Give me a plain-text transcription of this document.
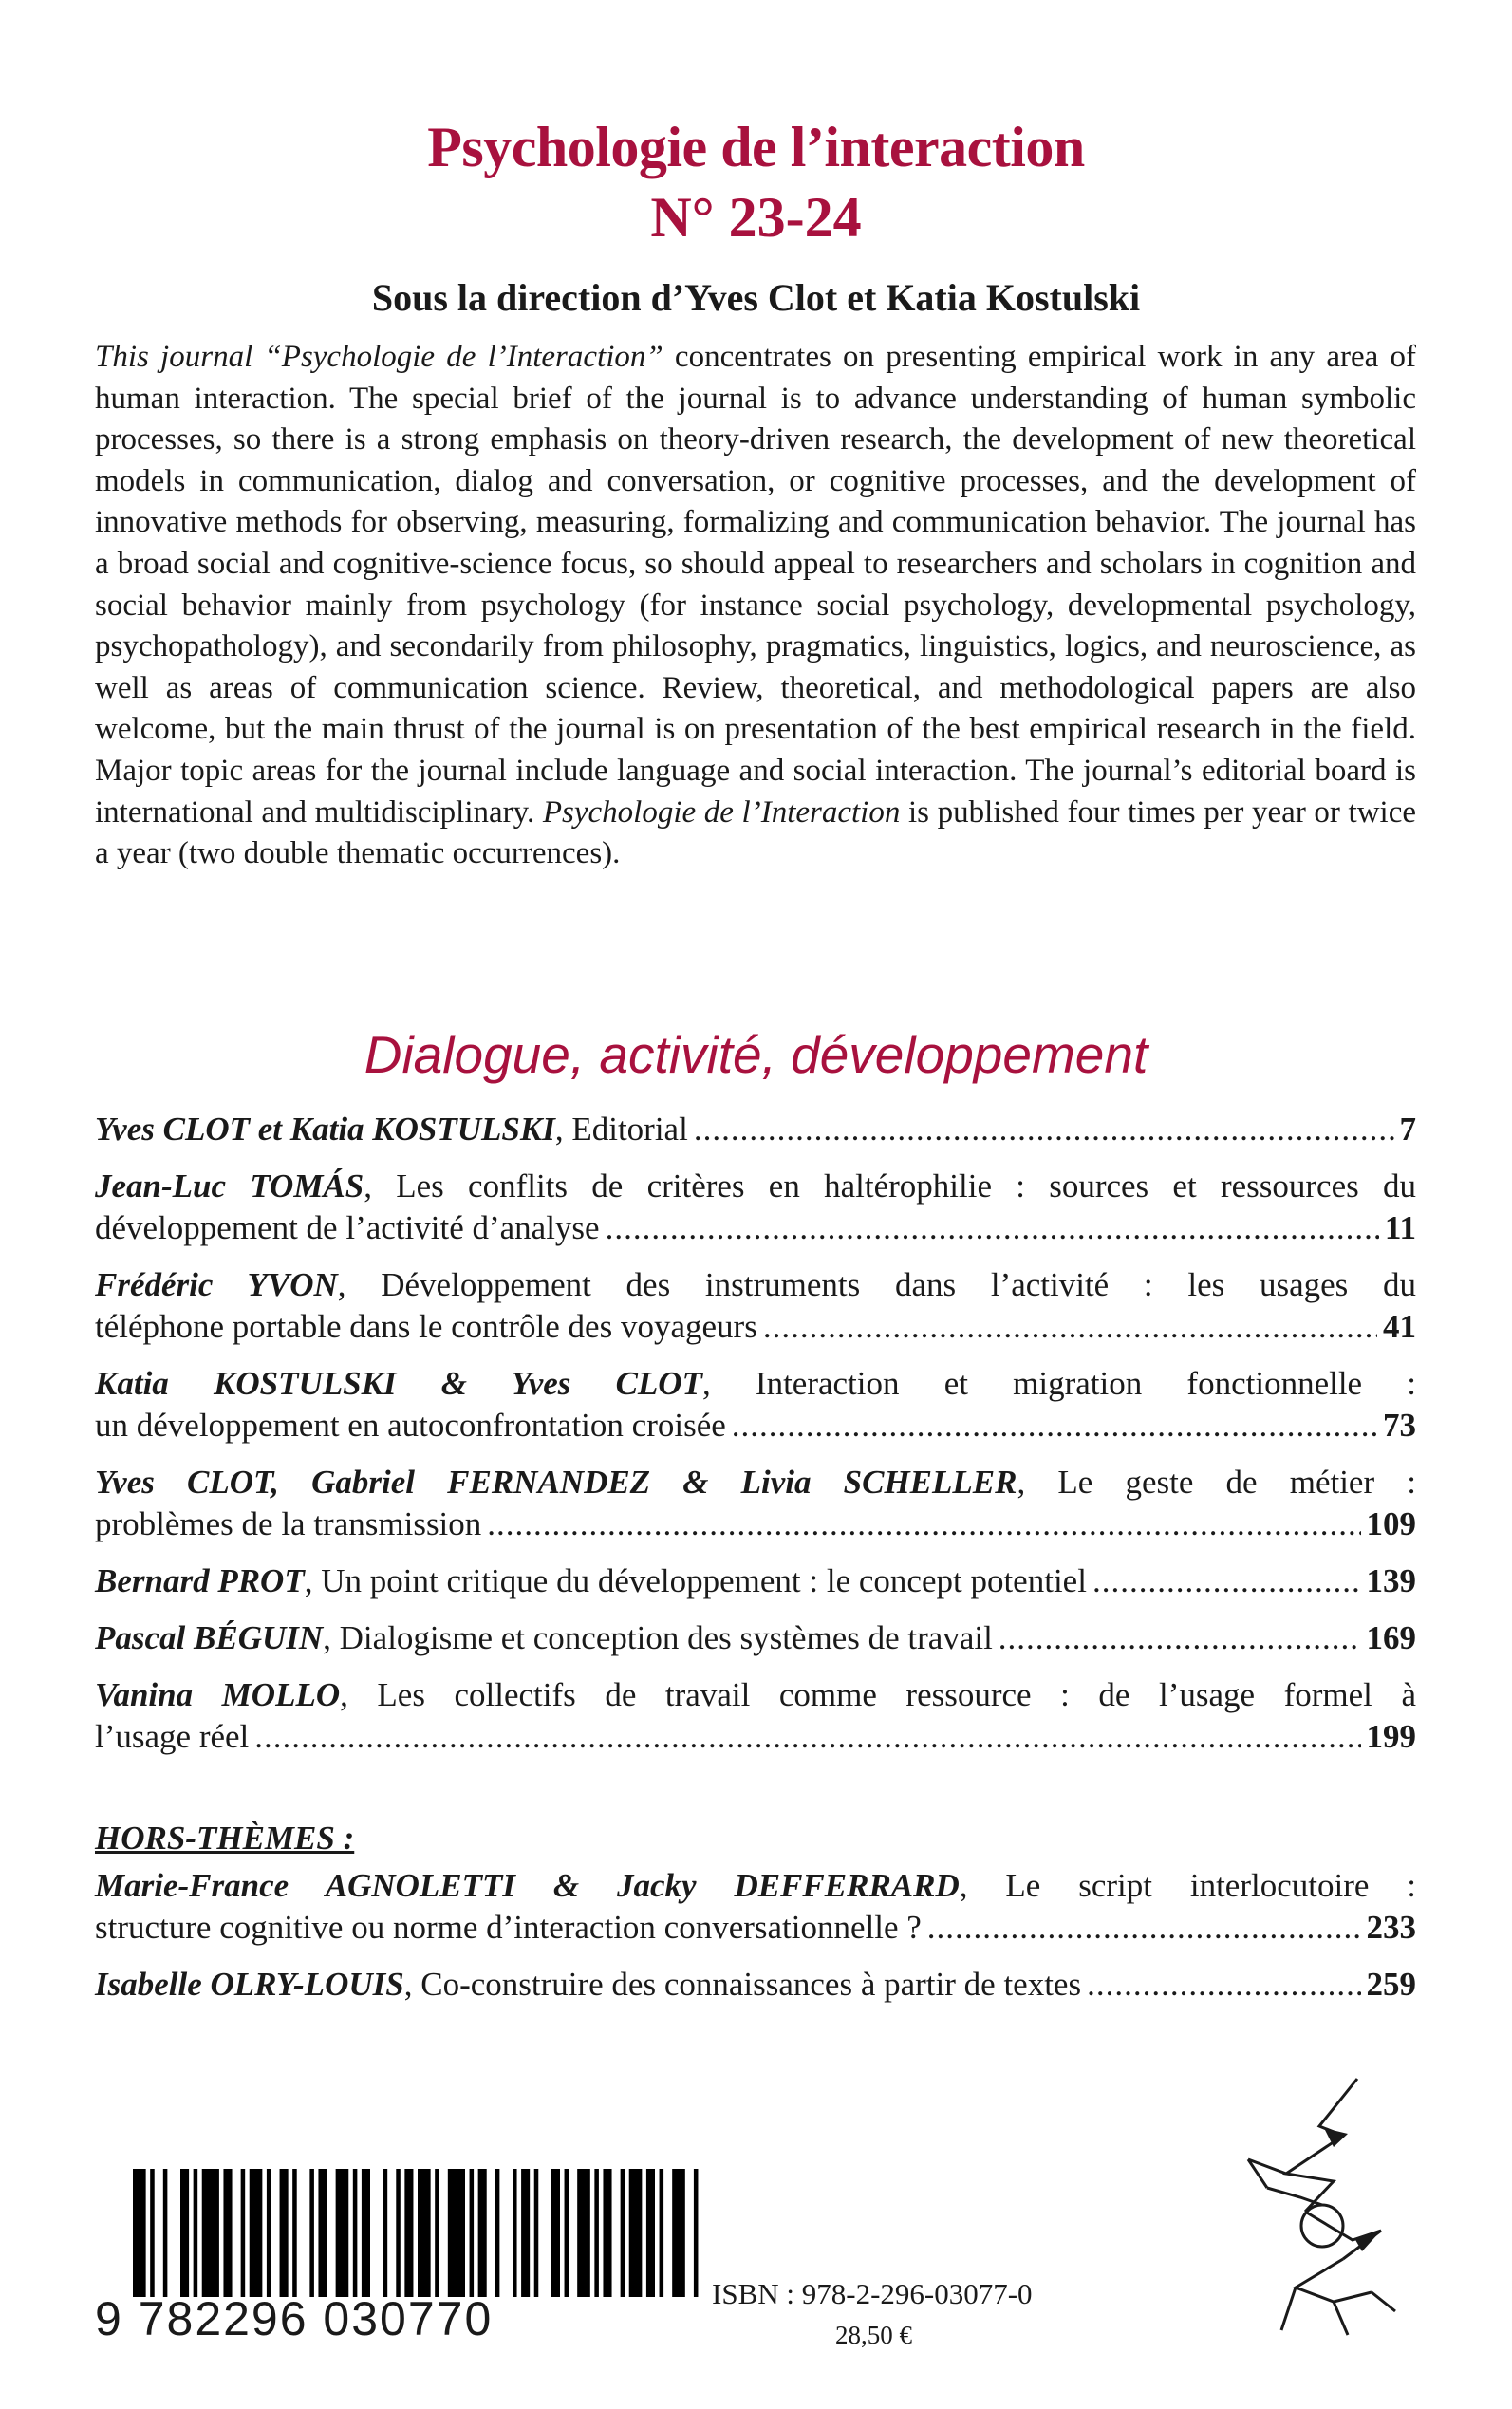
Psychologie de l’interaction
N° 23-24
Sous la direction d’Yves Clot et Katia Kostulski

This journal “Psychologie de l’Interaction” concentrates on presenting empirical work in any area of human interaction. The special brief of the journal is to advance understanding of human symbolic processes, so there is a strong emphasis on theory-driven research, the development of new theoretical models in communication, dialog and conversation, or cognitive processes, and the development of innovative methods for observing, measuring, formalizing and communication behavior. The journal has a broad social and cognitive-science focus, so should appeal to researchers and scholars in cognition and social behavior mainly from psychology (for instance social psychology, developmental psychology, psychopathology), and secondarily from philosophy, pragmatics, linguistics, logics, and neuroscience, as well as areas of communication science. Review, theoretical, and methodological papers are also welcome, but the main thrust of the journal is on presentation of the best empirical research in the field. Major topic areas for the journal include language and social interaction. The journal’s editorial board is international and multidisciplinary. Psychologie de l’Interaction is published four times per year or twice a year (two double thematic occurrences).

Dialogue, activité, développement
Yves CLOT et Katia KOSTULSKI, Editorial .....	7
Jean-Luc TOMÁS, Les conflits de critères en haltérophilie : sources et ressources du
développement de l’activité d’analyse .....	11
Frédéric YVON, Développement des instruments dans l’activité : les usages du
téléphone portable dans le contrôle des voyageurs .....	41
Katia KOSTULSKI & Yves CLOT, Interaction et migration fonctionnelle :
un développement en autoconfrontation croisée .....	73
Yves CLOT, Gabriel FERNANDEZ & Livia SCHELLER, Le geste de métier :
problèmes de la transmission .....	109
Bernard PROT, Un point critique du développement : le concept potentiel .....	139
Pascal BÉGUIN, Dialogisme et conception des systèmes de travail .....	169
Vanina MOLLO, Les collectifs de travail comme ressource : de l’usage formel à
l’usage réel .....	199
HORS-THÈMES :
Marie-France AGNOLETTI & Jacky DEFFERRARD, Le script interlocutoire :
structure cognitive ou norme d’interaction conversationnelle ? .....	233
Isabelle OLRY-LOUIS, Co-construire des connaissances à partir de textes .....	259
9 782296 030770	ISBN : 978-2-296-03077-0
28,50 €
